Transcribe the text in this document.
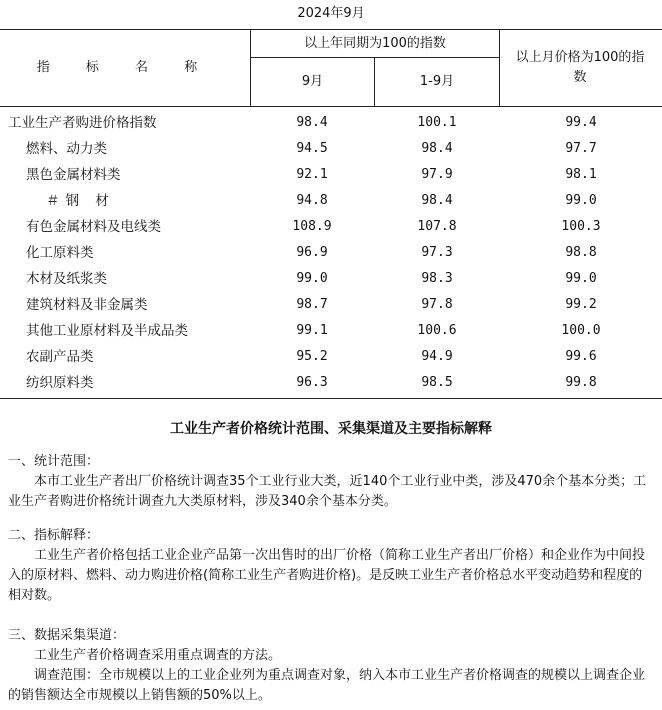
2024年9月
指 标 名 称
以上年同期为100的指数
9月	1-9月
以上月价格为100的指数
工业生产者购进价格指数	98.4	100.1	99.4
燃料、动力类	94.5	98.4	97.7
黑色金属材料类	92.1	97.9	98.1
＃钢 材	94.8	98.4	99.0
有色金属材料及电线类	108.9	107.8	100.3
化工原料类	96.9	97.3	98.8
木材及纸浆类	99.0	98.3	99.0
建筑材料及非金属类	98.7	97.8	99.2
其他工业原材料及半成品类	99.1	100.6	100.0
农副产品类	95.2	94.9	99.6
纺织原料类	96.3	98.5	99.8
工业生产者价格统计范围、采集渠道及主要指标解释
一、统计范围：
本市工业生产者出厂价格统计调查35个工业行业大类，近140个工业行业中类，涉及470余个基本分类；工业生产者购进价格统计调查九大类原材料，涉及340余个基本分类。
二、指标解释：
工业生产者价格包括工业企业产品第一次出售时的出厂价格（简称工业生产者出厂价格）和企业作为中间投入的原材料、燃料、动力购进价格(简称工业生产者购进价格)。是反映工业生产者价格总水平变动趋势和程度的相对数。
三、数据采集渠道：
工业生产者价格调查采用重点调查的方法。
调查范围：全市规模以上的工业企业列为重点调查对象，纳入本市工业生产者价格调查的规模以上调查企业的销售额达全市规模以上销售额的50%以上。
